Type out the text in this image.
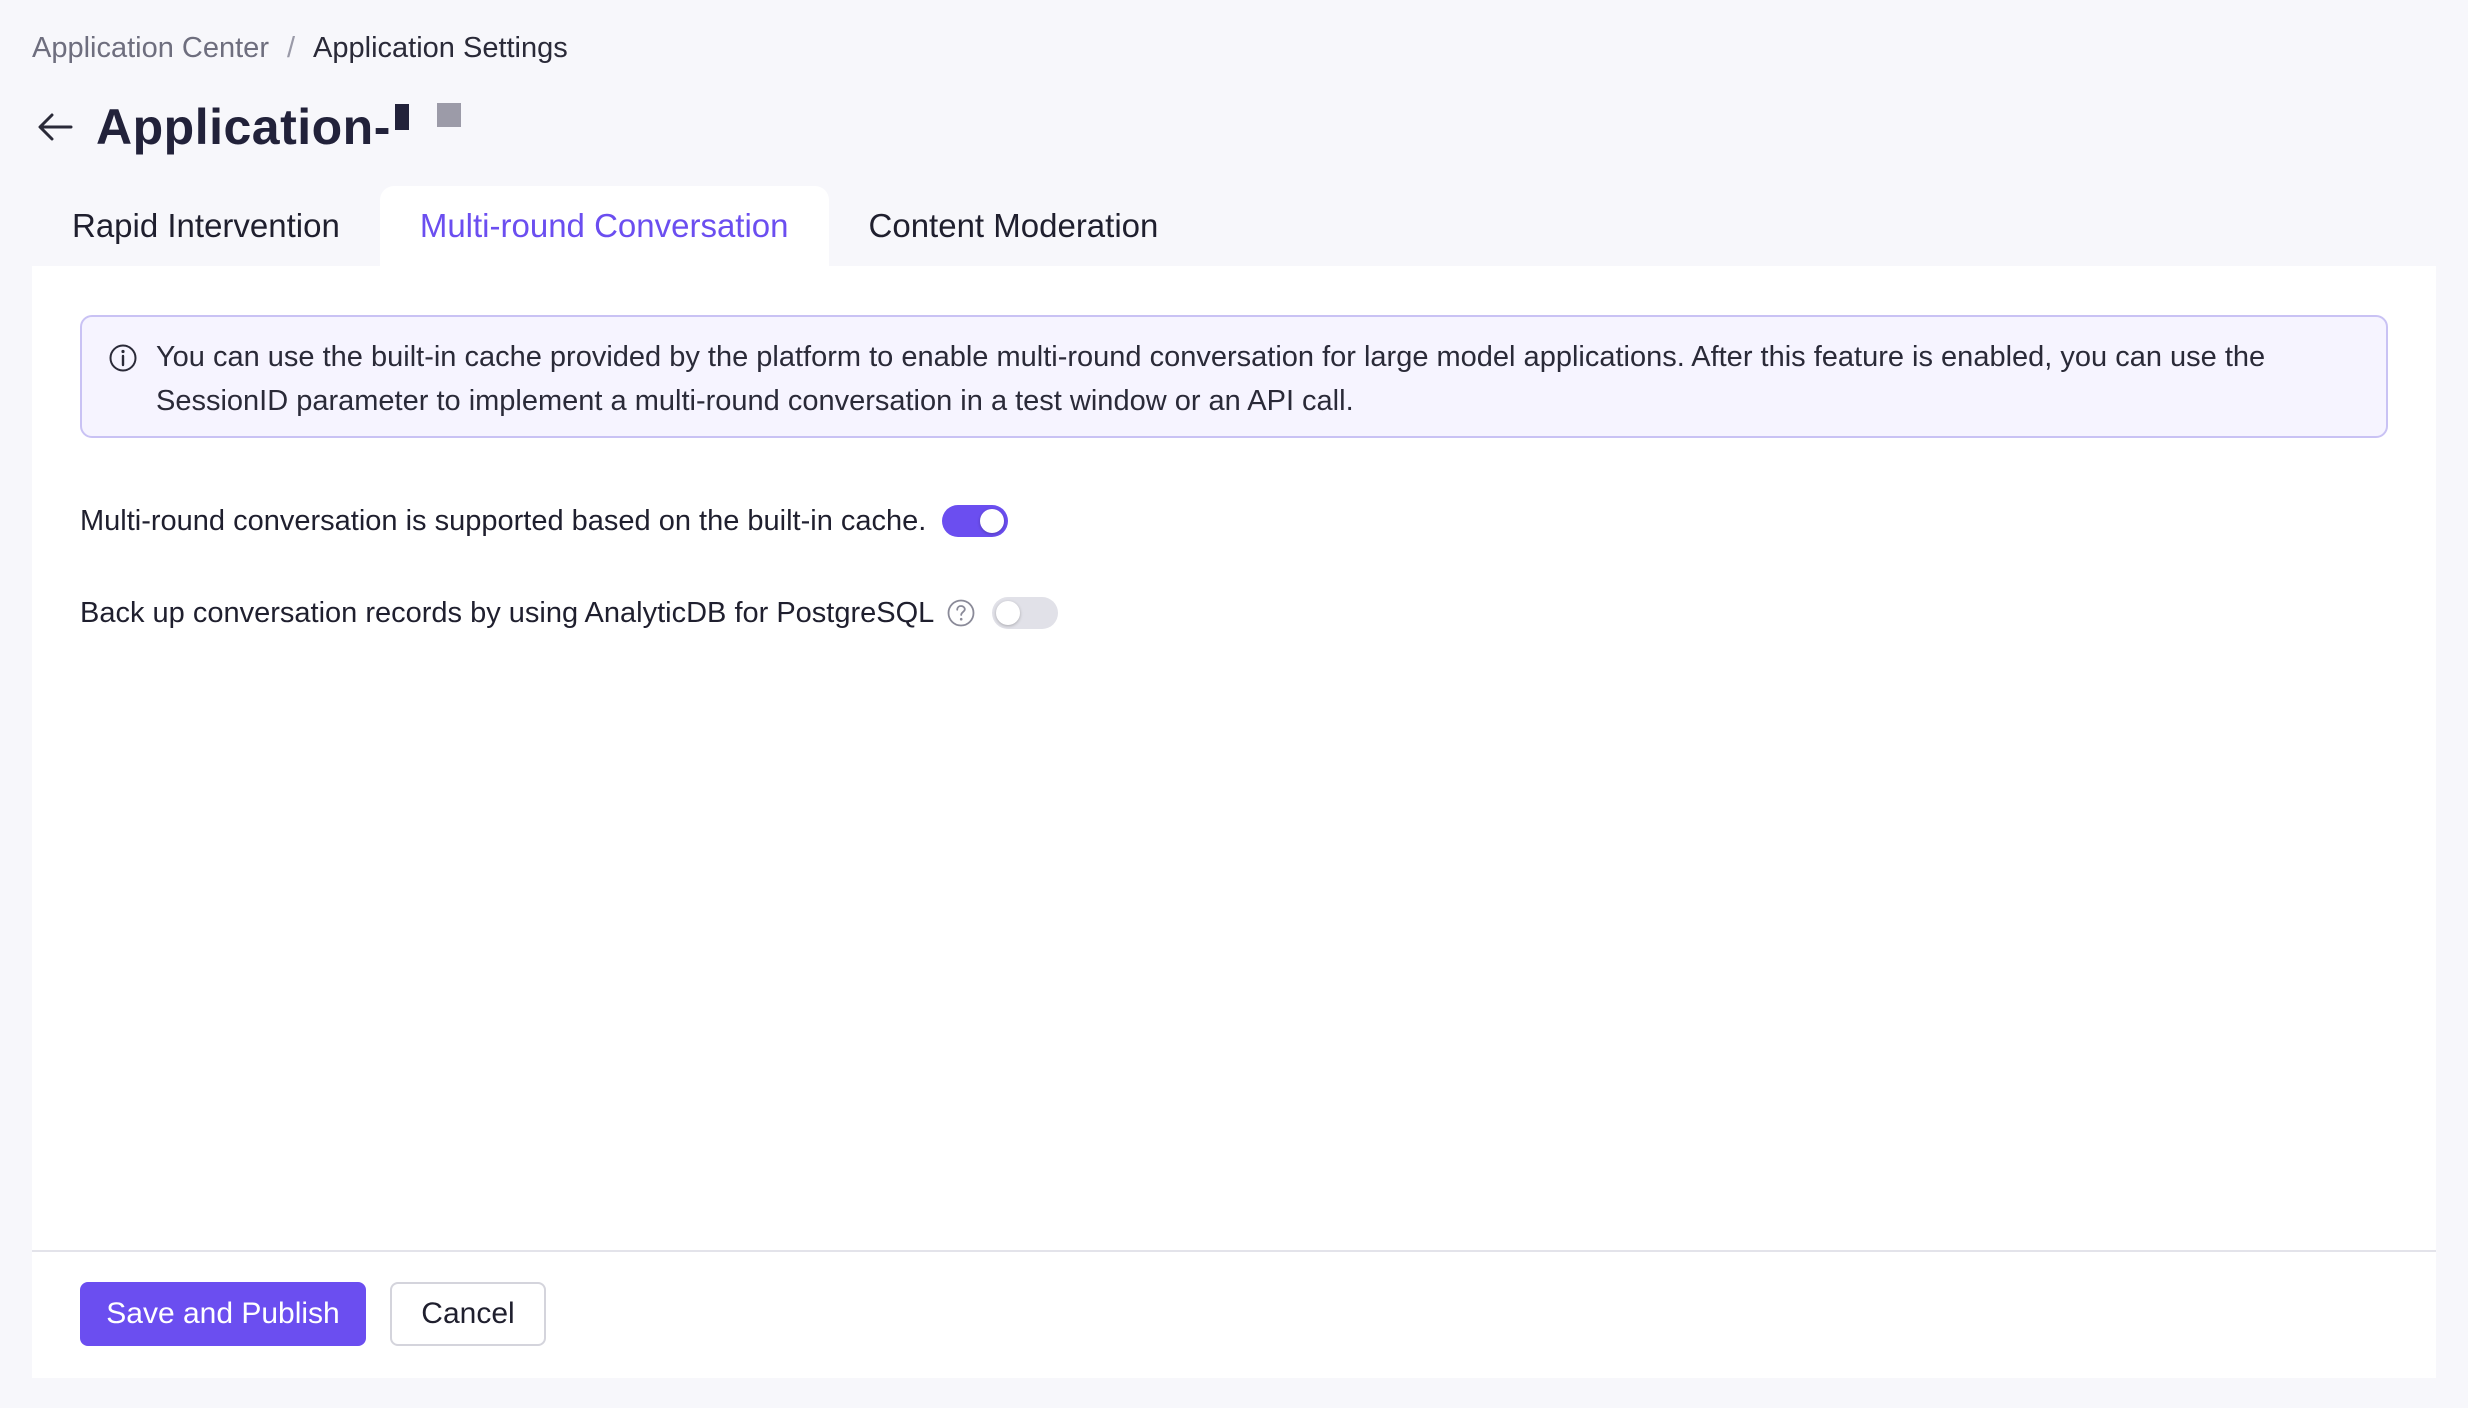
Application Center / Application Settings
Application-
Rapid Intervention	Multi-round Conversation	Content Moderation

You can use the built-in cache provided by the platform to enable multi-round conversation for large model applications. After this feature is enabled, you can use the SessionID parameter to implement a multi-round conversation in a test window or an API call.

Multi-round conversation is supported based on the built-in cache.
Back up conversation records by using AnalyticDB for PostgreSQL
Save and Publish	Cancel
